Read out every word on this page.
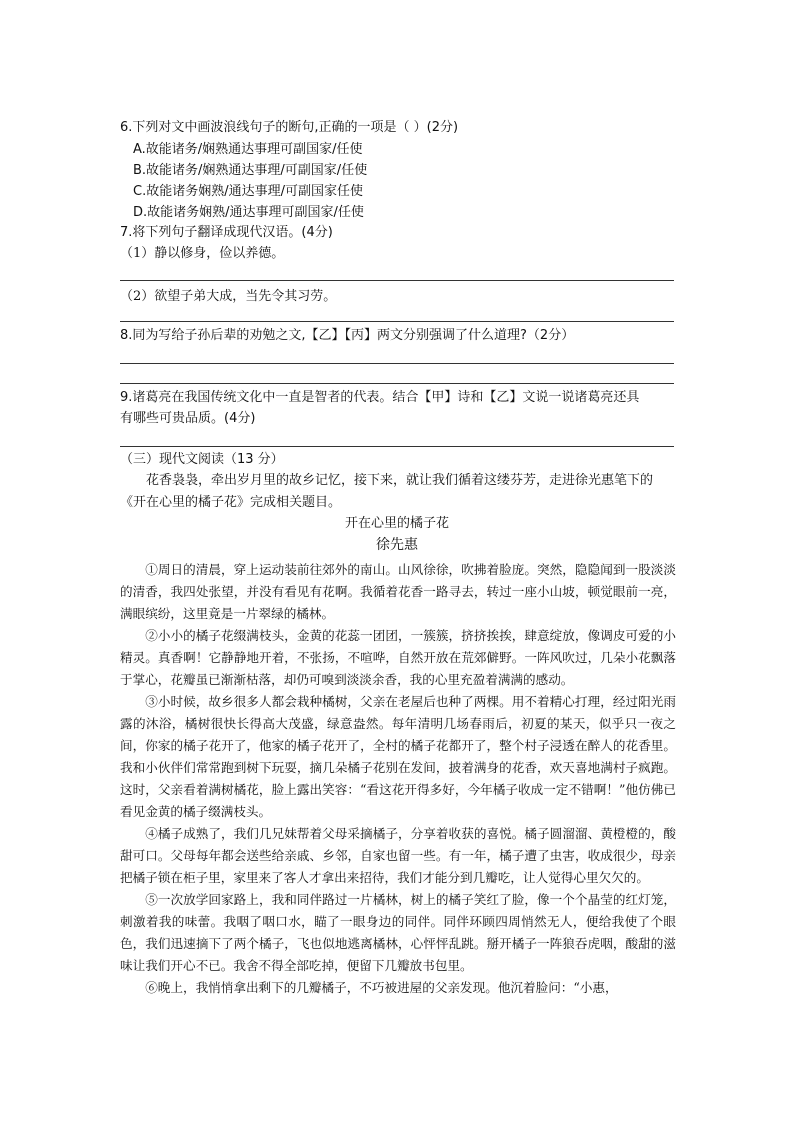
6.下列对文中画波浪线句子的断句,正确的一项是（ ）(2分)
A.故能诸务/娴熟通达事理可副国家/任使
B.故能诸务/娴熟通达事理/可副国家/任使
C.故能诸务娴熟/通达事理/可副国家任使
D.故能诸务娴熟/通达事理可副国家/任使
7.将下列句子翻译成现代汉语。(4分)
（1）静以修身，俭以养德。
（2）欲望子弟大成，当先令其习劳。
8.同为写给子孙后辈的劝勉之文,【乙】【丙】两文分别强调了什么道理?（2分）
9.诸葛亮在我国传统文化中一直是智者的代表。结合【甲】诗和【乙】文说一说诸葛亮还具
有哪些可贵品质。(4分)
（三）现代文阅读（13 分）

花香袅袅，牵出岁月里的故乡记忆，接下来，就让我们循着这缕芬芳，走进徐光惠笔下的《开在心里的橘子花》完成相关题目。

开在心里的橘子花
徐先惠

①周日的清晨，穿上运动装前往郊外的南山。山风徐徐，吹拂着脸庞。突然，隐隐闻到一股淡淡的清香，我四处张望，并没有看见有花啊。我循着花香一路寻去，转过一座小山坡，顿觉眼前一亮，满眼缤纷，这里竟是一片翠绿的橘林。

②小小的橘子花缀满枝头，金黄的花蕊一团团，一簇簇，挤挤挨挨，肆意绽放，像调皮可爱的小精灵。真香啊！它静静地开着，不张扬，不喧哗，自然开放在荒郊僻野。一阵风吹过，几朵小花飘落于掌心，花瓣虽已渐渐枯落，却仍可嗅到淡淡余香，我的心里充盈着满满的感动。

③小时候，故乡很多人都会栽种橘树，父亲在老屋后也种了两棵。用不着精心打理，经过阳光雨露的沐浴，橘树很快长得高大茂盛，绿意盎然。每年清明几场春雨后，初夏的某天，似乎只一夜之间，你家的橘子花开了，他家的橘子花开了，全村的橘子花都开了，整个村子浸透在醉人的花香里。我和小伙伴们常常跑到树下玩耍，摘几朵橘子花别在发间，披着满身的花香，欢天喜地满村子疯跑。这时，父亲看着满树橘花，脸上露出笑容：“看这花开得多好，今年橘子收成一定不错啊！”他仿佛已看见金黄的橘子缀满枝头。

④橘子成熟了，我们几兄妹帮着父母采摘橘子，分享着收获的喜悦。橘子圆溜溜、黄橙橙的，酸甜可口。父母每年都会送些给亲戚、乡邻，自家也留一些。有一年，橘子遭了虫害，收成很少，母亲把橘子锁在柜子里，家里来了客人才拿出来招待，我们才能分到几瓣吃，让人觉得心里欠欠的。

⑤一次放学回家路上，我和同伴路过一片橘林，树上的橘子笑红了脸，像一个个晶莹的红灯笼，刺激着我的味蕾。我咽了咽口水，瞄了一眼身边的同伴。同伴环顾四周悄然无人，便给我使了个眼色，我们迅速摘下了两个橘子，飞也似地逃离橘林，心怦怦乱跳。掰开橘子一阵狼吞虎咽，酸甜的滋味让我们开心不已。我舍不得全部吃掉，便留下几瓣放书包里。

⑥晚上，我悄悄拿出剩下的几瓣橘子，不巧被进屋的父亲发现。他沉着脸问：“小惠，
